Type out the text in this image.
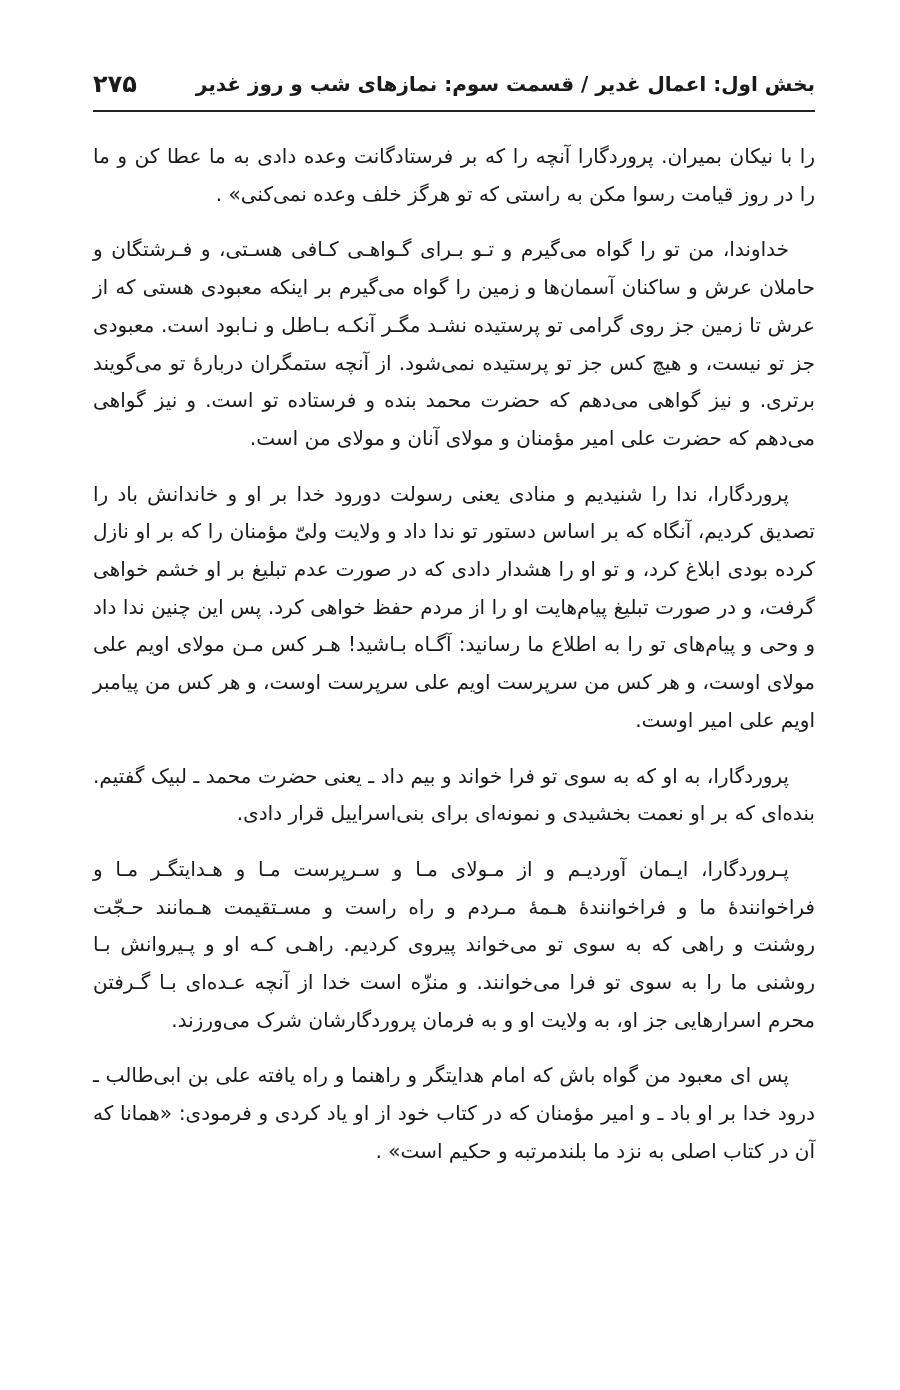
بخش اول: اعمال غدیر / قسمت سوم: نمازهای شب و روز غدیر
۲۷۵

را با نیکان بمیران. پروردگارا آنچه را که بر فرستادگانت وعده دادی به ما عطا کن و ما را در روز قیامت رسوا مکن به راستی که تو هرگز خلف وعده نمی‌کنی» .

خداوندا، من تو را گواه می‌گیرم و تـو بـرای گـواهـی کـافی هسـتی، و فـرشتگان و حاملان عرش و ساکنان آسمان‌ها و زمین را گواه می‌گیرم بر اینکه معبودی هستی که از عرش تا زمین جز روی گرامی تو پرستیده نشـد مگـر آنکـه بـاطل و نـابود است. معبودی جز تو نیست، و هیچ کس جز تو پرستیده نمی‌شود. از آنچه ستمگران دربارهٔ تو می‌گویند برتری. و نیز گواهی می‌دهم که حضرت محمد بنده و فرستاده تو است. و نیز گواهی می‌دهم که حضرت علی امیر مؤمنان و مولای آنان و مولای من است.

پروردگارا، ندا را شنیدیم و منادی یعنی رسولت دورود خدا بر او و خاندانش باد را تصدیق کردیم، آنگاه که بر اساس دستور تو ندا داد و ولایت ولیّ مؤمنان را که بر او نازل کرده بودی ابلاغ کرد، و تو او را هشدار دادی که در صورت عدم تبلیغ بر او خشم خواهی گرفت، و در صورت تبلیغ پیام‌هایت او را از مردم حفظ خواهی کرد. پس این چنین ندا داد و وحی و پیام‌های تو را به اطلاع ما رسانید: آگـاه بـاشید! هـر کس مـن مولای اویم علی مولای اوست، و هر کس من سرپرست اویم علی سرپرست اوست، و هر کس من پیامبر اویم علی امیر اوست.

پروردگارا، به او که به سوی تو فرا خواند و بیم داد ـ یعنی حضرت محمد ـ لبیک گفتیم. بنده‌ای که بر او نعمت بخشیدی و نمونه‌ای برای بنی‌اسراییل قرار دادی.

پـروردگارا، ایـمان آوردیـم و از مـولای مـا و سـرپرست مـا و هـدایتگـر مـا و فراخوانندهٔ ما و فراخوانندهٔ هـمهٔ مـردم و راه راست و مسـتقیمت هـمانند حـجّت روشنت و راهی که به سوی تو می‌خواند پیروی کردیم. راهـی کـه او و پـیروانش بـا روشنی ما را به سوی تو فرا می‌خوانند. و منزّه است خدا از آنچه عـده‌ای بـا گـرفتن محرم اسرارهایی جز او، به ولایت او و به فرمان پروردگارشان شرک می‌ورزند.

پس ای معبود من گواه باش که امام هدایتگر و راهنما و راه یافته علی بن ابی‌طالب ـ درود خدا بر او باد ـ و امیر مؤمنان که در کتاب خود از او یاد کردی و فرمودی: «همانا که آن در کتاب اصلی به نزد ما بلندمرتبه و حکیم است» .
